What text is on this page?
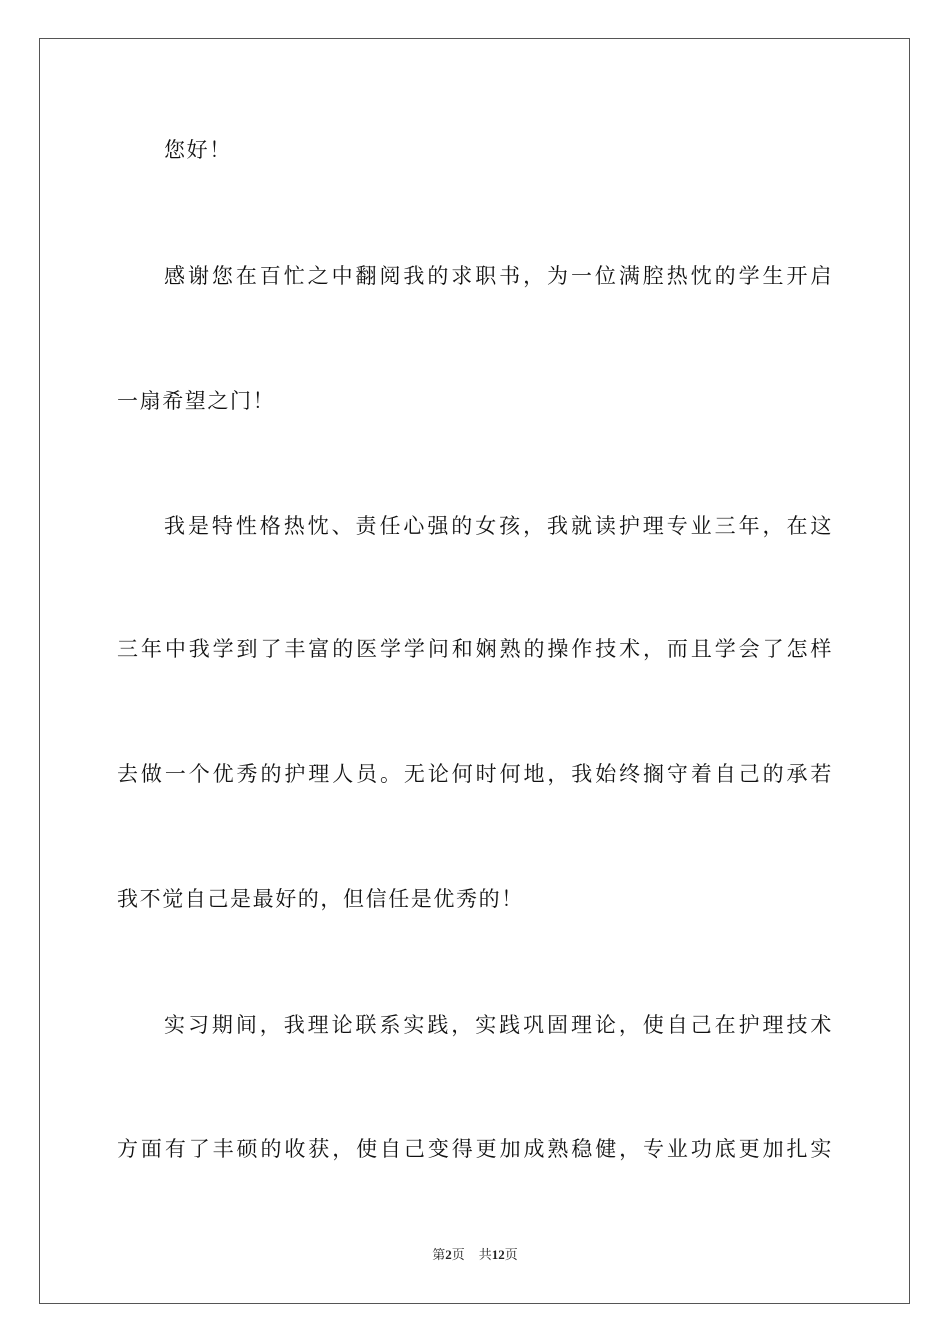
您好！
感谢您在百忙之中翻阅我的求职书，为一位满腔热忱的学生开启
一扇希望之门！
我是特性格热忱、责任心强的女孩，我就读护理专业三年，在这
三年中我学到了丰富的医学学问和娴熟的操作技术，而且学会了怎样
去做一个优秀的护理人员。无论何时何地，我始终搁守着自己的承若
我不觉自己是最好的，但信任是优秀的！
实习期间，我理论联系实践，实践巩固理论，使自己在护理技术
方面有了丰硕的收获，使自己变得更加成熟稳健，专业功底更加扎实
第2页 共12页
